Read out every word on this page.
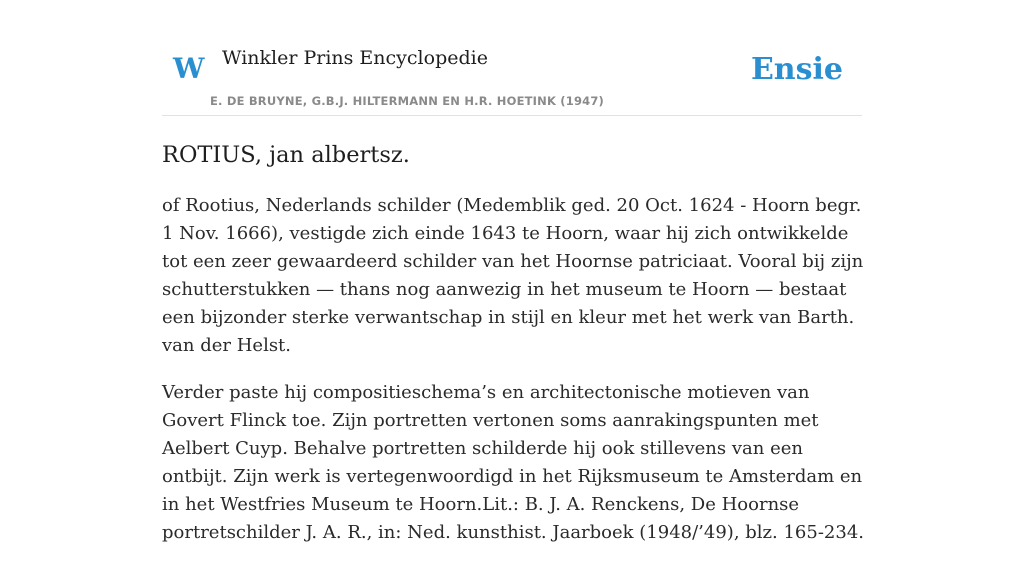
W Winkler Prins Encyclopedie
E. DE BRUYNE, G.B.J. HILTERMANN EN H.R. HOETINK (1947)
Ensie
ROTIUS, jan albertsz.

of Rootius, Nederlands schilder (Medemblik ged. 20 Oct. 1624 - Hoorn begr. 1 Nov. 1666), vestigde zich einde 1643 te Hoorn, waar hij zich ontwikkelde tot een zeer gewaardeerd schilder van het Hoornse patriciaat. Vooral bij zijn schutterstukken — thans nog aanwezig in het museum te Hoorn — bestaat een bijzonder sterke verwantschap in stijl en kleur met het werk van Barth. van der Helst.

Verder paste hij compositieschema’s en architectonische motieven van Govert Flinck toe. Zijn portretten vertonen soms aanrakingspunten met Aelbert Cuyp. Behalve portretten schilderde hij ook stillevens van een ontbijt. Zijn werk is vertegenwoordigd in het Rijksmuseum te Amsterdam en in het Westfries Museum te Hoorn.Lit.: B. J. A. Renckens, De Hoornse portretschilder J. A. R., in: Ned. kunsthist. Jaarboek (1948/’49), blz. 165-234.
